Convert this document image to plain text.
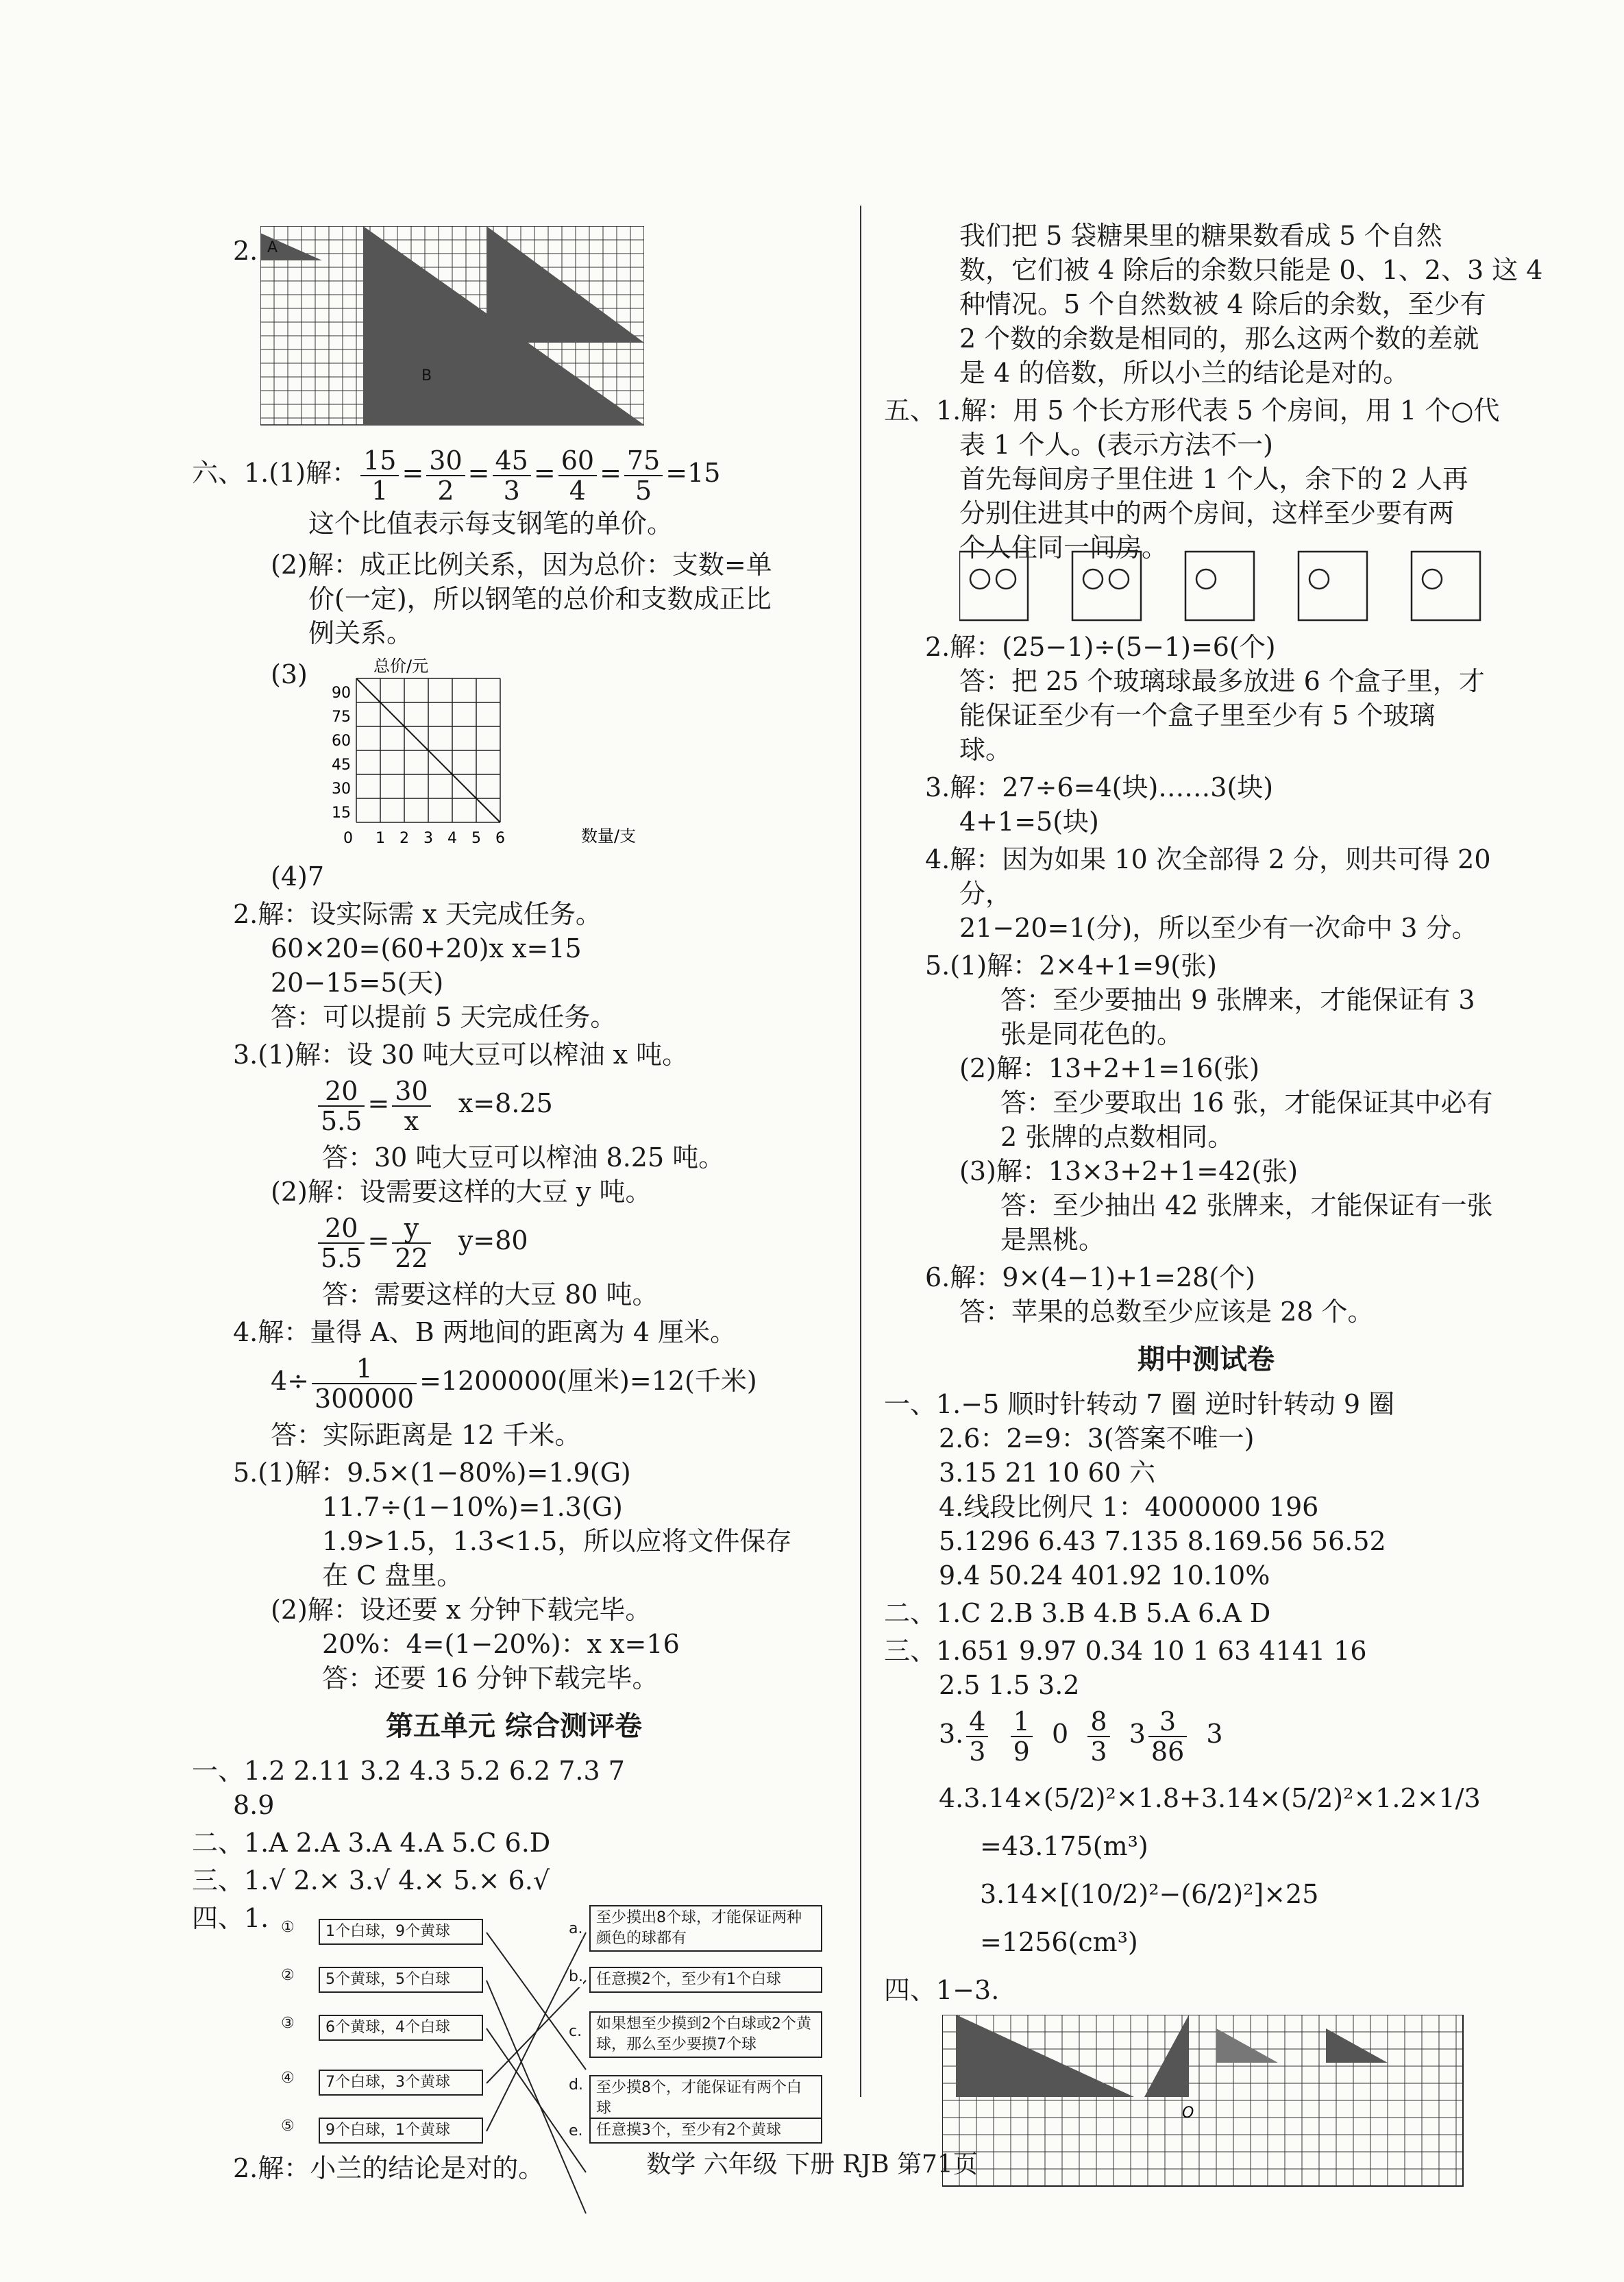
2. A
B
六、1.(1)解： $\frac{15}{1} = \frac{30}{2} = \frac{45}{3} = \frac{60}{4} = \frac{75}{5} =15$
这个比值表示每支钢笔的单价。
(2)解：成正比例关系，因为总价：支数=单
价(一定)，所以钢笔的总价和支数成正比
例关系。
(3)	总价/元
数量/支
90
75
60
45
30
15
0 1 2 3 4 5 6
(4)7
2.解：设实际需 x 天完成任务。
60×20=(60+20)x x=15
20−15=5(天)
答：可以提前 5 天完成任务。
3.(1)解：设 30 吨大豆可以榨油 x 吨。
$\frac{20}{5.5} = \frac{30}{x} x=8.25$
答：30 吨大豆可以榨油 8.25 吨。
(2)解：设需要这样的大豆 y 吨。
$\frac{20}{5.5} = \frac{y}{22} y=80$
答：需要这样的大豆 80 吨。
4.解：量得 A、B 两地间的距离为 4 厘米。
$4\div \frac{1}{300000} =1200000$(厘米)=12(千米)
答：实际距离是 12 千米。
5.(1)解：9.5×(1−80%)=1.9(G)
11.7÷(1−10%)=1.3(G)
1.9>1.5，1.3<1.5，所以应将文件保存
在 C 盘里。
(2)解：设还要 x 分钟下载完毕。
20%：4=(1−20%)：x x=16
答：还要 16 分钟下载完毕。
第五单元 综合测评卷
一、1.2 2.11 3.2 4.3 5.2 6.2 7.3 7
8.9
二、1.A 2.A 3.A 4.A 5.C 6.D
三、1.√ 2.× 3.√ 4.× 5.× 6.√
四、1. ①	1个白球，9个黄球
②	5个黄球，5个白球
③	6个黄球，4个白球
④	7个白球，3个黄球
⑤	9个白球，1个黄球
a.
至少摸出8个球，才能保证两种颜色的球都有
b. 任意摸2个，至少有1个白球
c. 如果想至少摸到2个白球或2个黄球，那么至少要摸7个球
d. 至少摸8个，才能保证有两个白球
e. 任意摸3个，至少有2个黄球
2.解：小兰的结论是对的。
我们把 5 袋糖果里的糖果数看成 5 个自然
数，它们被 4 除后的余数只能是 0、1、2、3 这 4
种情况。5 个自然数被 4 除后的余数，至少有
2 个数的余数是相同的，那么这两个数的差就
是 4 的倍数，所以小兰的结论是对的。
五、1.解：用 5 个长方形代表 5 个房间，用 1 个○代
表 1 个人。(表示方法不一)
首先每间房子里住进 1 个人，余下的 2 人再
分别住进其中的两个房间，这样至少要有两
个人住同一间房。
2.解：(25−1)÷(5−1)=6(个)
答：把 25 个玻璃球最多放进 6 个盒子里，才
能保证至少有一个盒子里至少有 5 个玻璃
球。
3.解：27÷6=4(块)……3(块)
4+1=5(块)
4.解：因为如果 10 次全部得 2 分，则共可得 20
分，
21−20=1(分)，所以至少有一次命中 3 分。
5.(1)解：2×4+1=9(张)
答：至少要抽出 9 张牌来，才能保证有 3
张是同花色的。
(2)解：13+2+1=16(张)
答：至少要取出 16 张，才能保证其中必有
2 张牌的点数相同。
(3)解：13×3+2+1=42(张)
答：至少抽出 42 张牌来，才能保证有一张
是黑桃。
6.解：9×(4−1)+1=28(个)
答：苹果的总数至少应该是 28 个。
期中测试卷
一、1.−5 顺时针转动 7 圈 逆时针转动 9 圈
2.6：2=9：3(答案不唯一)
3.15 21 10 60 六
4.线段比例尺 1：4000000 196
5.1296 6.43 7.135 8.169.56 56.52
9.4 50.24 401.92 10.10%
二、1.C 2.B 3.B 4.B 5.A 6.A D
三、1.651 9.97 0.34 10 1 63 4141 16
2.5 1.5 3.2
3. $\frac{4}{3}$
$\frac{1}{9} 0 \frac{8}{3} 3 \frac{3}{86} 3$
4.3.14×(5/2)²×1.8+3.14×(5/2)²×1.2×1/3
=43.175(m³)
3.14×[(10/2)²−(6/2)²]×25
=1256(cm³)
四、1−3.
O
数学 六年级 下册 RJB 第71页
